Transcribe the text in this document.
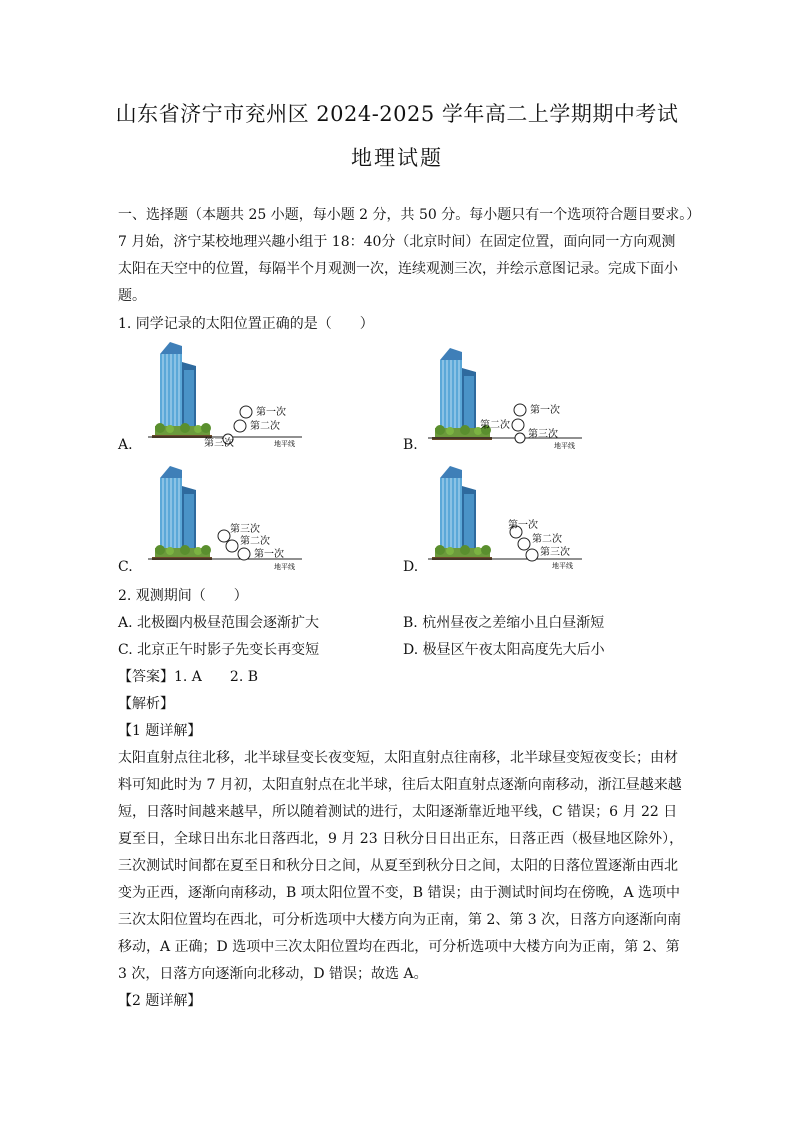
山东省济宁市兖州区 2024-2025 学年高二上学期期中考试
地理试题
一、选择题（本题共 25 小题，每小题 2 分，共 50 分。每小题只有一个选项符合题目要求。）
7 月始，济宁某校地理兴趣小组于 18：40分（北京时间）在固定位置，面向同一方向观测
太阳在天空中的位置，每隔半个月观测一次，连续观测三次，并绘示意图记录。完成下面小
题。
1. 同学记录的太阳位置正确的是（　　）
A.
第一次
第二次
第三次	地平线	B.
第一次
第二次
第三次
地平线
C.
第三次
第二次
第一次
地平线	D.
第一次
第二次
第三次
地平线
2. 观测期间（　　）
A. 北极圈内极昼范围会逐渐扩大	B. 杭州昼夜之差缩小且白昼渐短
C. 北京正午时影子先变长再变短	D. 极昼区午夜太阳高度先大后小
【答案】1. A　　2. B
【解析】
【1 题详解】
太阳直射点往北移，北半球昼变长夜变短，太阳直射点往南移，北半球昼变短夜变长；由材
料可知此时为 7 月初，太阳直射点在北半球，往后太阳直射点逐渐向南移动，浙江昼越来越
短，日落时间越来越早，所以随着测试的进行，太阳逐渐靠近地平线，C 错误；6 月 22 日
夏至日，全球日出东北日落西北，9 月 23 日秋分日日出正东，日落正西（极昼地区除外），
三次测试时间都在夏至日和秋分日之间，从夏至到秋分日之间，太阳的日落位置逐渐由西北
变为正西，逐渐向南移动，B 项太阳位置不变，B 错误；由于测试时间均在傍晚，A 选项中
三次太阳位置均在西北，可分析选项中大楼方向为正南，第 2、第 3 次，日落方向逐渐向南
移动，A 正确；D 选项中三次太阳位置均在西北，可分析选项中大楼方向为正南，第 2、第
3 次，日落方向逐渐向北移动，D 错误；故选 A。
【2 题详解】
